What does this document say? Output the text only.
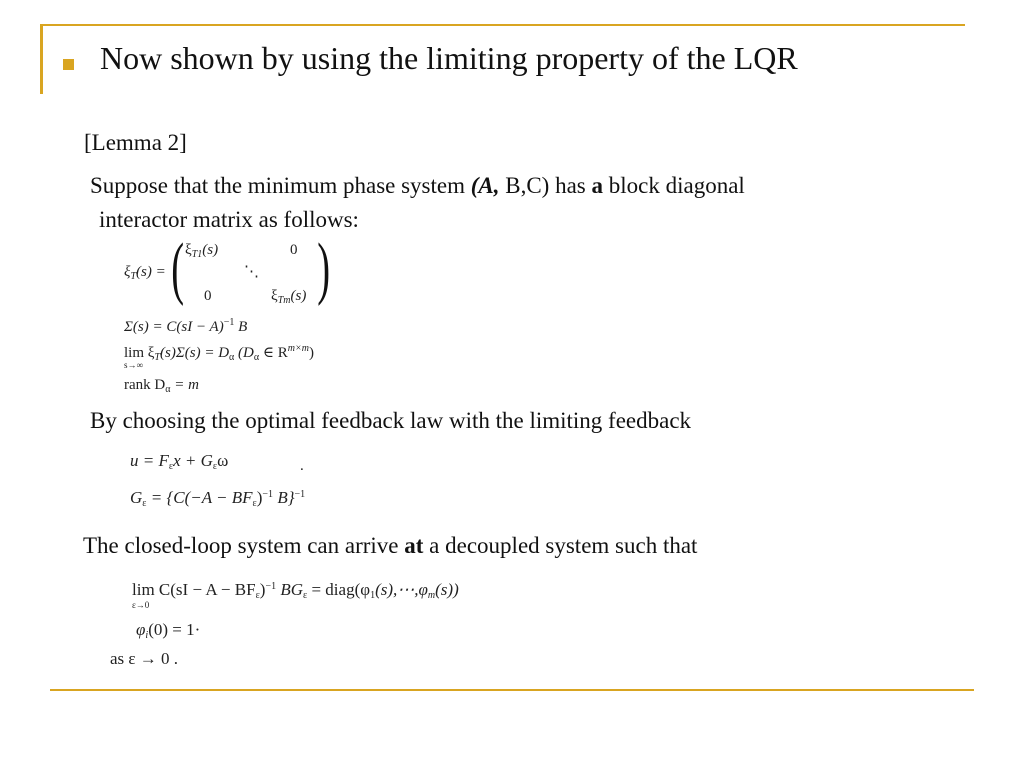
Now shown by using the limiting property of the LQR
[Lemma 2]
Suppose that the minimum phase system (A, B,C) has a block diagonal
interactor matrix as follows:
$\xi_T(s)$ = ( )
$\xi_{T1}(s)$	0
⋱
0	$\xi_{Tm}(s)$
Σ(s) = C(sI − A)$^{-1}$ B
$\lim \xi_T(s)\Sigma(s) = D_\alpha$ ($D_\alpha$ ∈ $R^{m\times m}$)
s→∞
rank $D_\alpha = m$
By choosing the optimal feedback law with the limiting feedback
$u = F_\varepsilon x + G_\varepsilon\omega$	.
$G_\varepsilon = \{C(-A - BF_\varepsilon)^{-1}$ B}$^{-1}$
The closed-loop system can arrive at a decoupled system such that
$\lim C(sI - A - BF_\varepsilon)^{-1}$ $BG_\varepsilon$ = $diag(\varphi_1(s),\cdots,\varphi_m(s))$
ε→0
$\varphi_i(0) = 1\cdot$
as ε → 0 .
